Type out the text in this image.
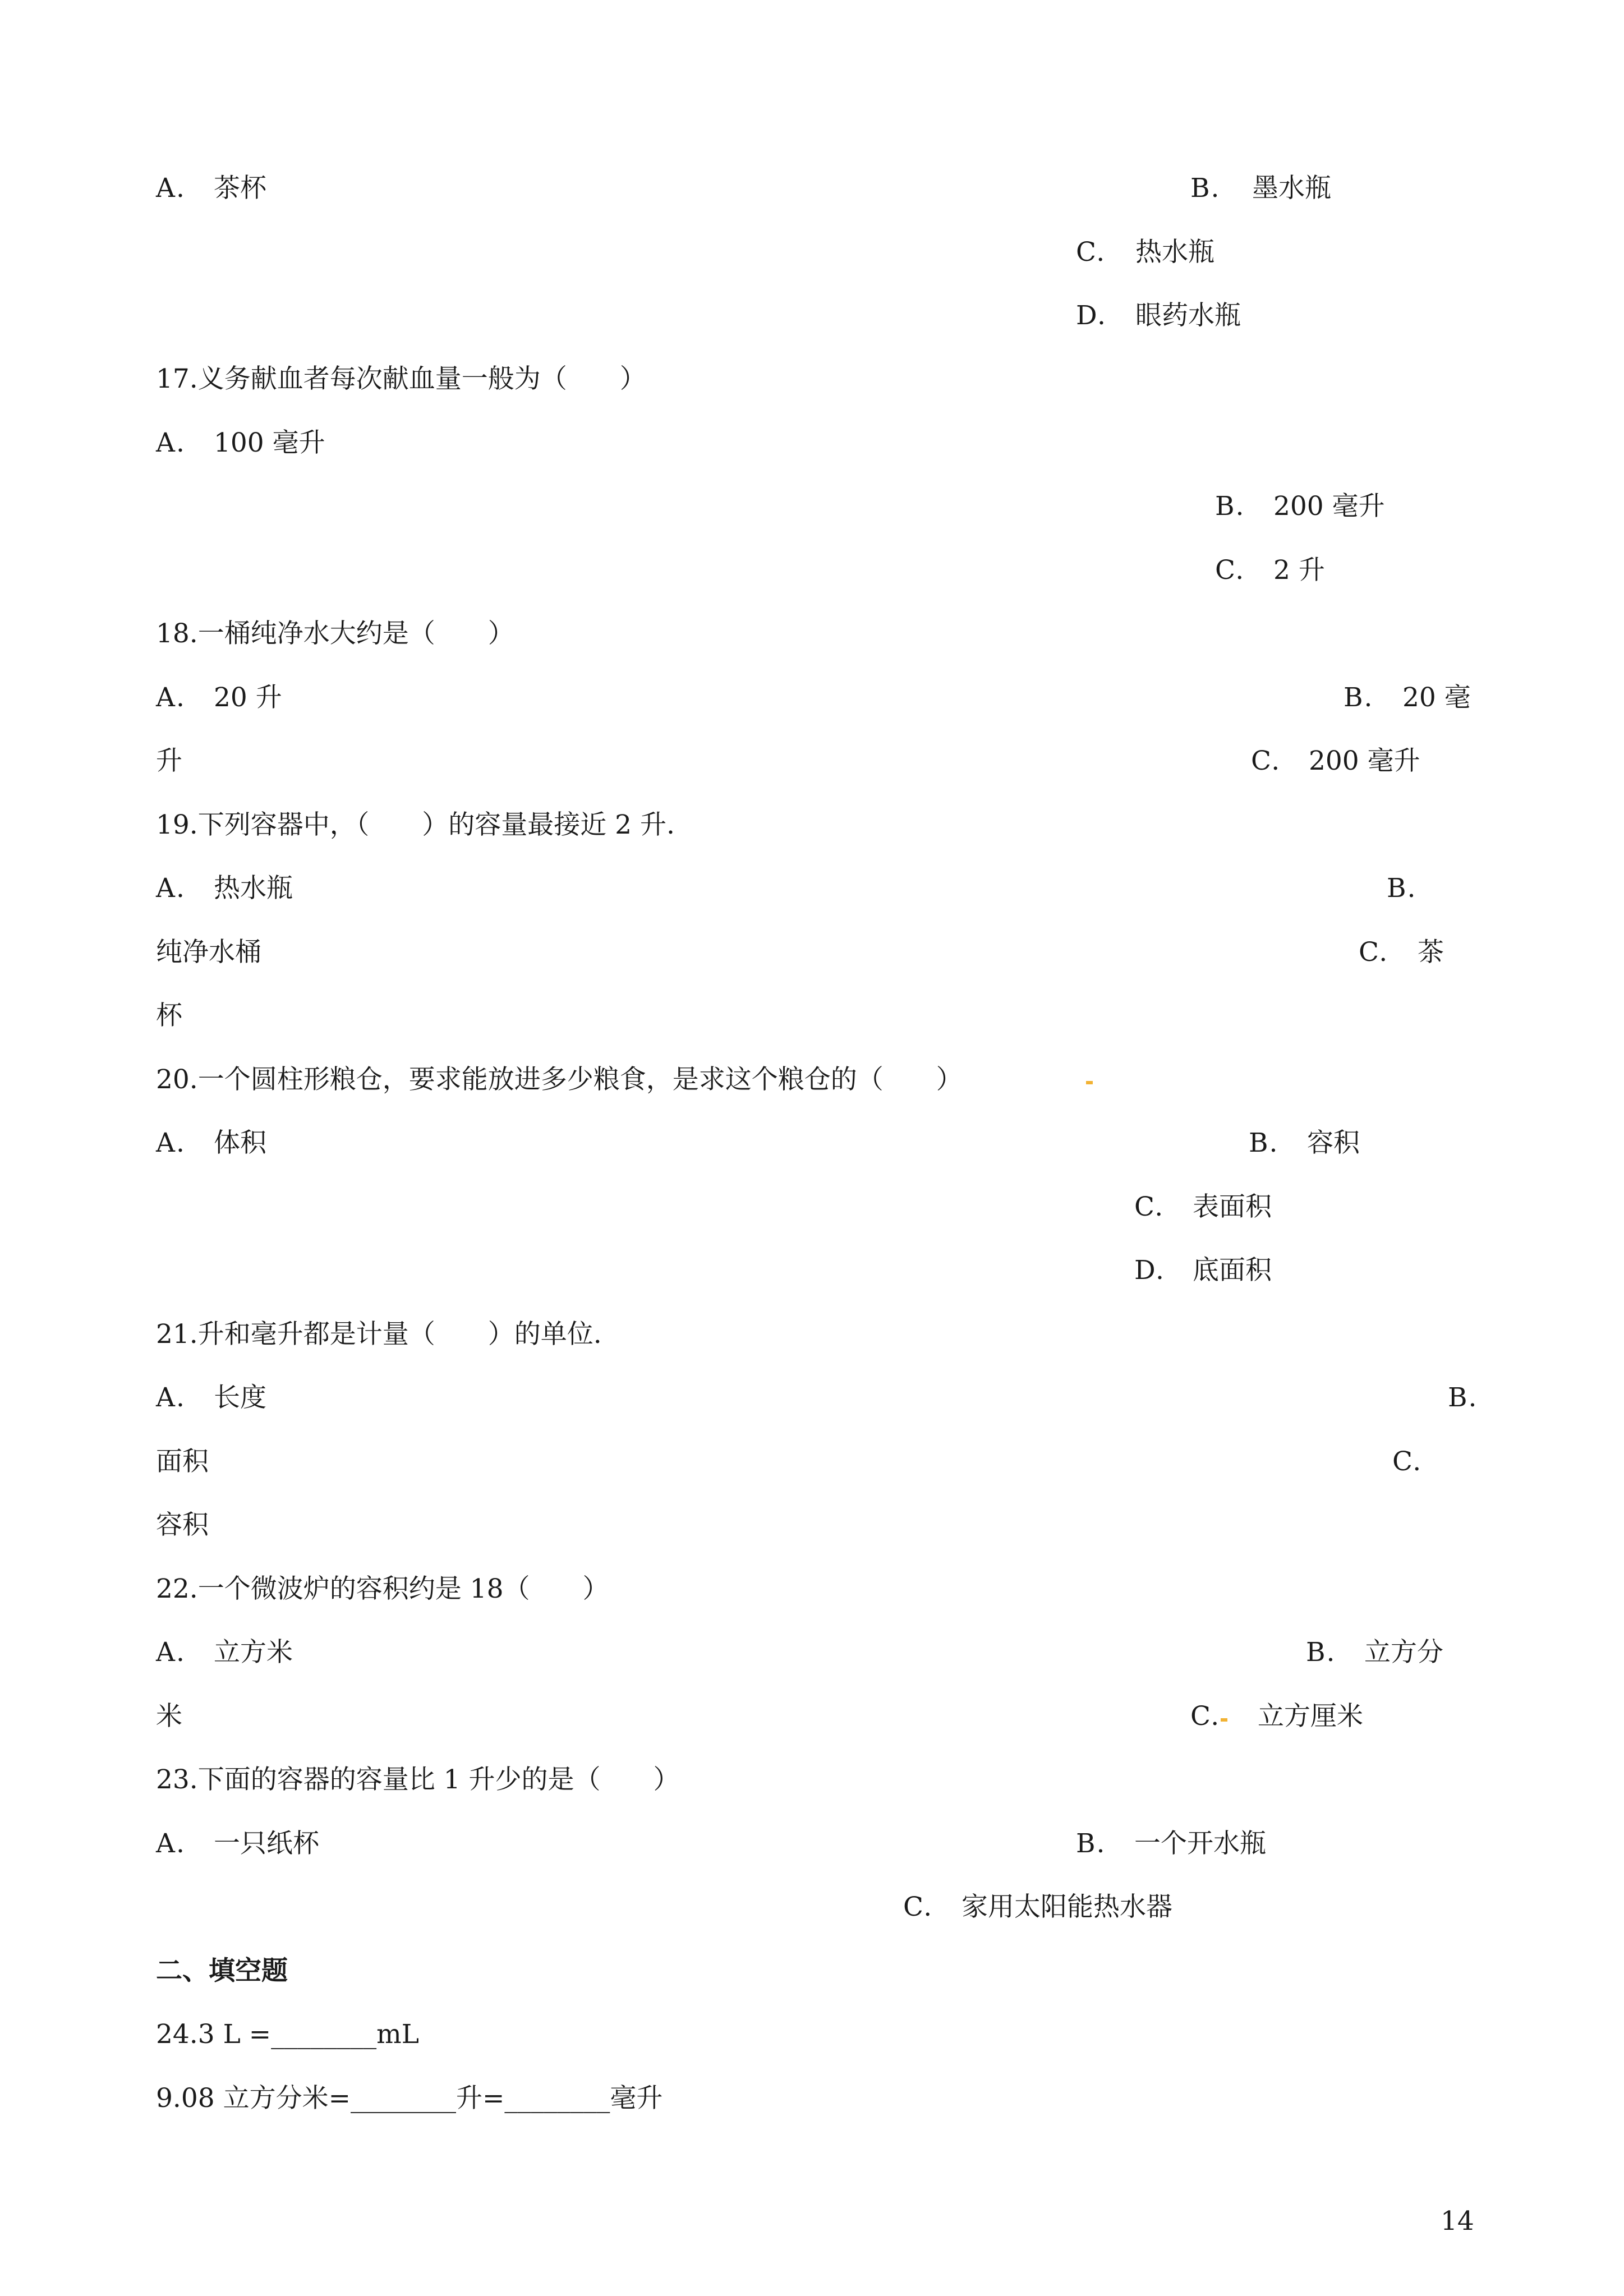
A. 茶杯	B. 墨水瓶
C. 热水瓶
D. 眼药水瓶
17.义务献血者每次献血量一般为（　　）
A. 100 毫升
B. 200 毫升
C. 2 升
18.一桶纯净水大约是（　　）
A. 20 升	B. 20 毫
升	C. 200 毫升
19.下列容器中，（　　）的容量最接近 2 升.
A. 热水瓶	B.
纯净水桶	C. 茶
杯
20.一个圆柱形粮仓，要求能放进多少粮食，是求这个粮仓的（　　）
B.
A. 体积	容积
C. 表面积
D. 底面积
21.升和毫升都是计量（　　）的单位.
A. 长度	B.
面积	C.
容积
22.一个微波炉的容积约是 18（　　）
A. 立方米	B. 立方分
米	C. 立方厘米
23.下面的容器的容量比 1 升少的是（　　）
A. 一只纸杯	B. 一个开水瓶
C. 家用太阳能热水器
二、填空题
24.3 L =________mL
9.08 立方分米=________升=________毫升
14
